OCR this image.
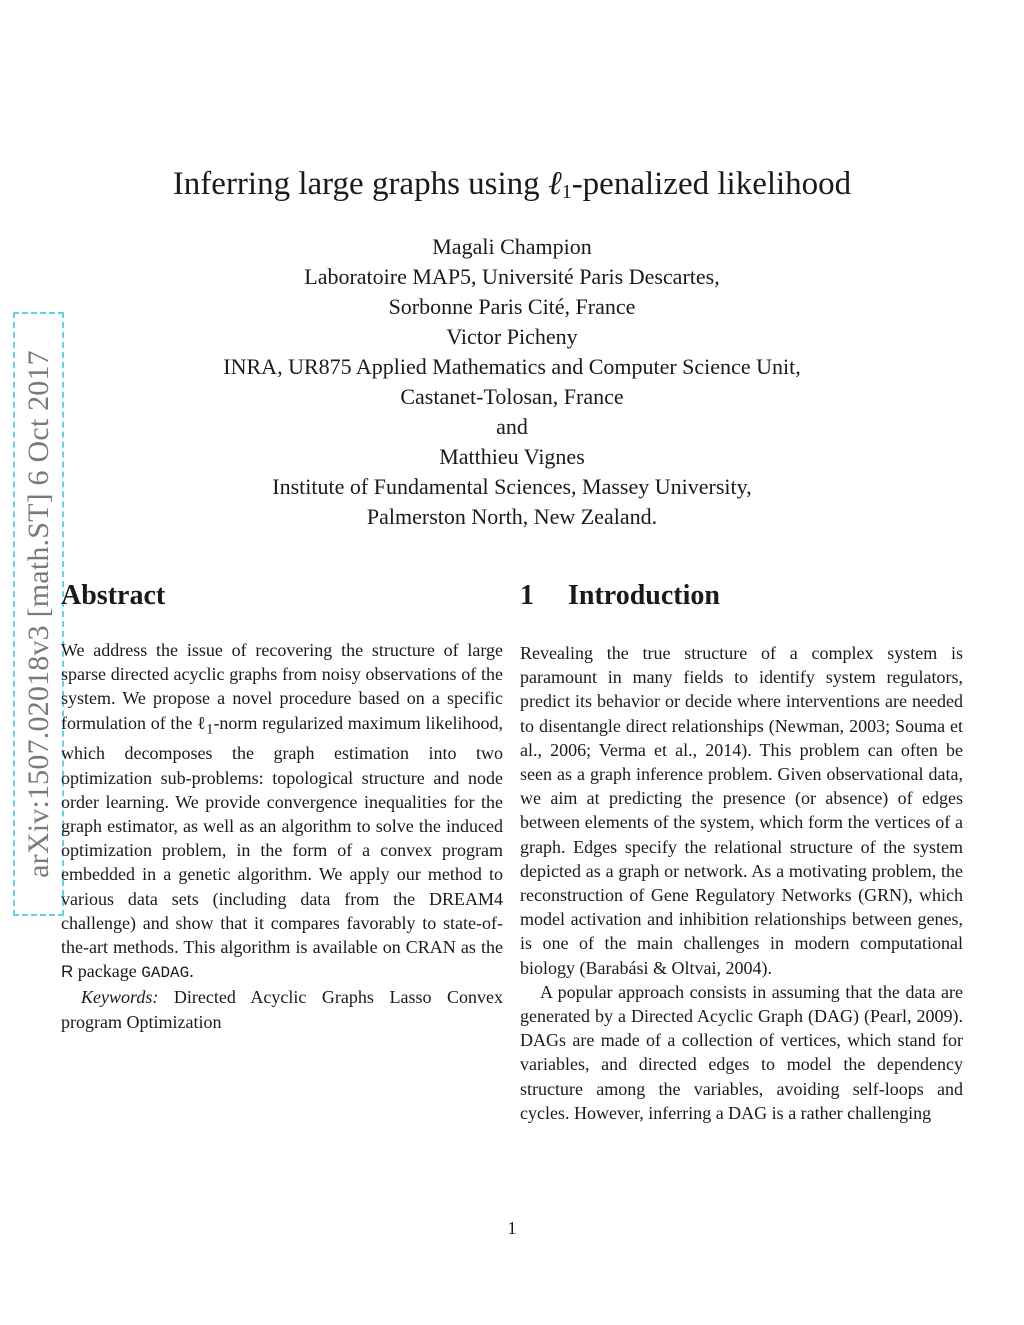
Inferring large graphs using ℓ$_1$-penalized likelihood
Magali Champion
Laboratoire MAP5, Université Paris Descartes,
Sorbonne Paris Cité, France
Victor Picheny
INRA, UR875 Applied Mathematics and Computer Science Unit,
Castanet-Tolosan, France
and
Matthieu Vignes
Institute of Fundamental Sciences, Massey University,
Palmerston North, New Zealand.
arXiv:1507.02018v3 [math.ST] 6 Oct 2017 Abstract

We address the issue of recovering the structure of large sparse directed acyclic graphs from noisy observations of the system. We propose a novel procedure based on a specific formulation of the ℓ$_1$-norm regularized maximum likelihood, which decomposes the graph estimation into two optimization sub-problems: topological structure and node order learning. We provide convergence inequalities for the graph estimator, as well as an algorithm to solve the induced optimization problem, in the form of a convex program embedded in a genetic algorithm. We apply our method to various data sets (including data from the DREAM4 challenge) and show that it compares favorably to state-of-the-art methods. This algorithm is available on CRAN as the R package GADAG.

Keywords: Directed Acyclic Graphs Lasso Convex program Optimization

1 Introduction

Revealing the true structure of a complex system is paramount in many fields to identify system regulators, predict its behavior or decide where interventions are needed to disentangle direct relationships (Newman, 2003; Souma et al., 2006; Verma et al., 2014). This problem can often be seen as a graph inference problem. Given observational data, we aim at predicting the presence (or absence) of edges between elements of the system, which form the vertices of a graph. Edges specify the relational structure of the system depicted as a graph or network. As a motivating problem, the reconstruction of Gene Regulatory Networks (GRN), which model activation and inhibition relationships between genes, is one of the main challenges in modern computational biology (Barabási & Oltvai, 2004).

A popular approach consists in assuming that the data are generated by a Directed Acyclic Graph (DAG) (Pearl, 2009). DAGs are made of a collection of vertices, which stand for variables, and directed edges to model the dependency structure among the variables, avoiding self-loops and cycles. However, inferring a DAG is a rather challenging

1
